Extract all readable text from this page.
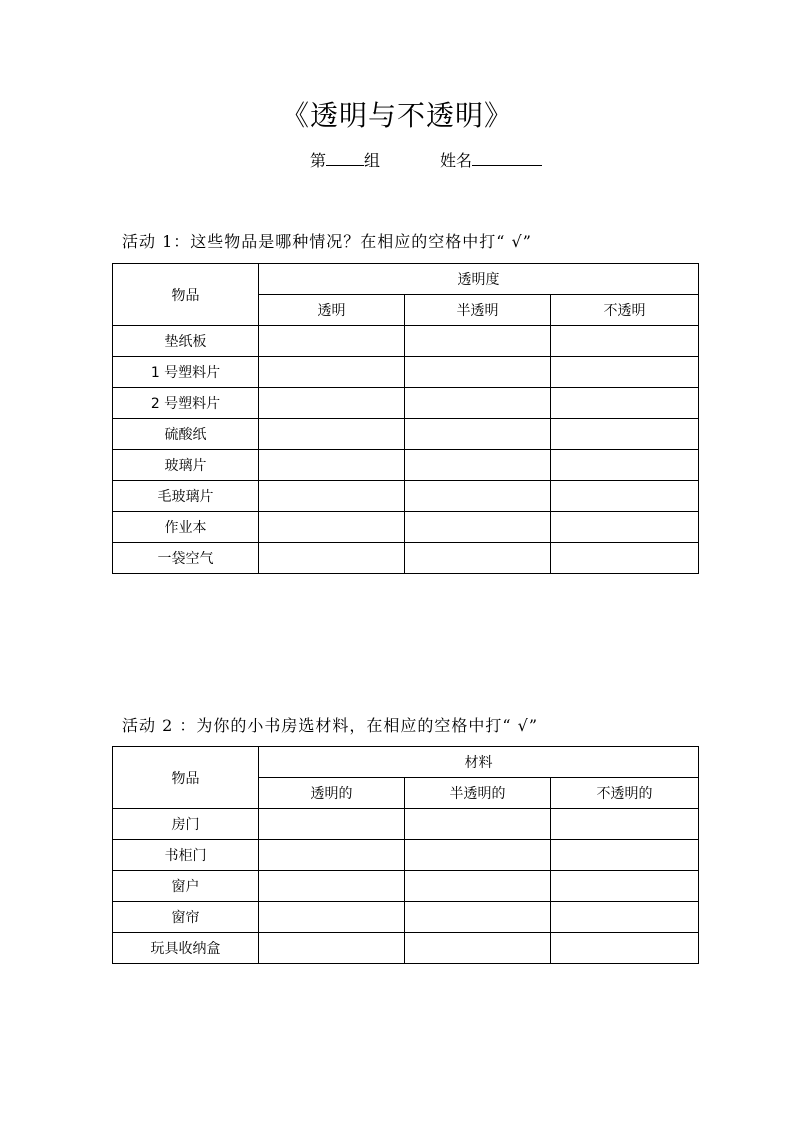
《透明与不透明》
第 组	姓名
活动 1：这些物品是哪种情况？在相应的空格中打“ √”
物品	透明度		
	透明	半透明	不透明
垫纸板			
1 号塑料片			
2 号塑料片			
硫酸纸			
玻璃片			
毛玻璃片			
作业本			
一袋空气			
活动 2 ：为你的小书房选材料，在相应的空格中打“ √”
物品	材料		
	透明的	半透明的	不透明的
房门			
书柜门			
窗户			
窗帘			
玩具收纳盒			
